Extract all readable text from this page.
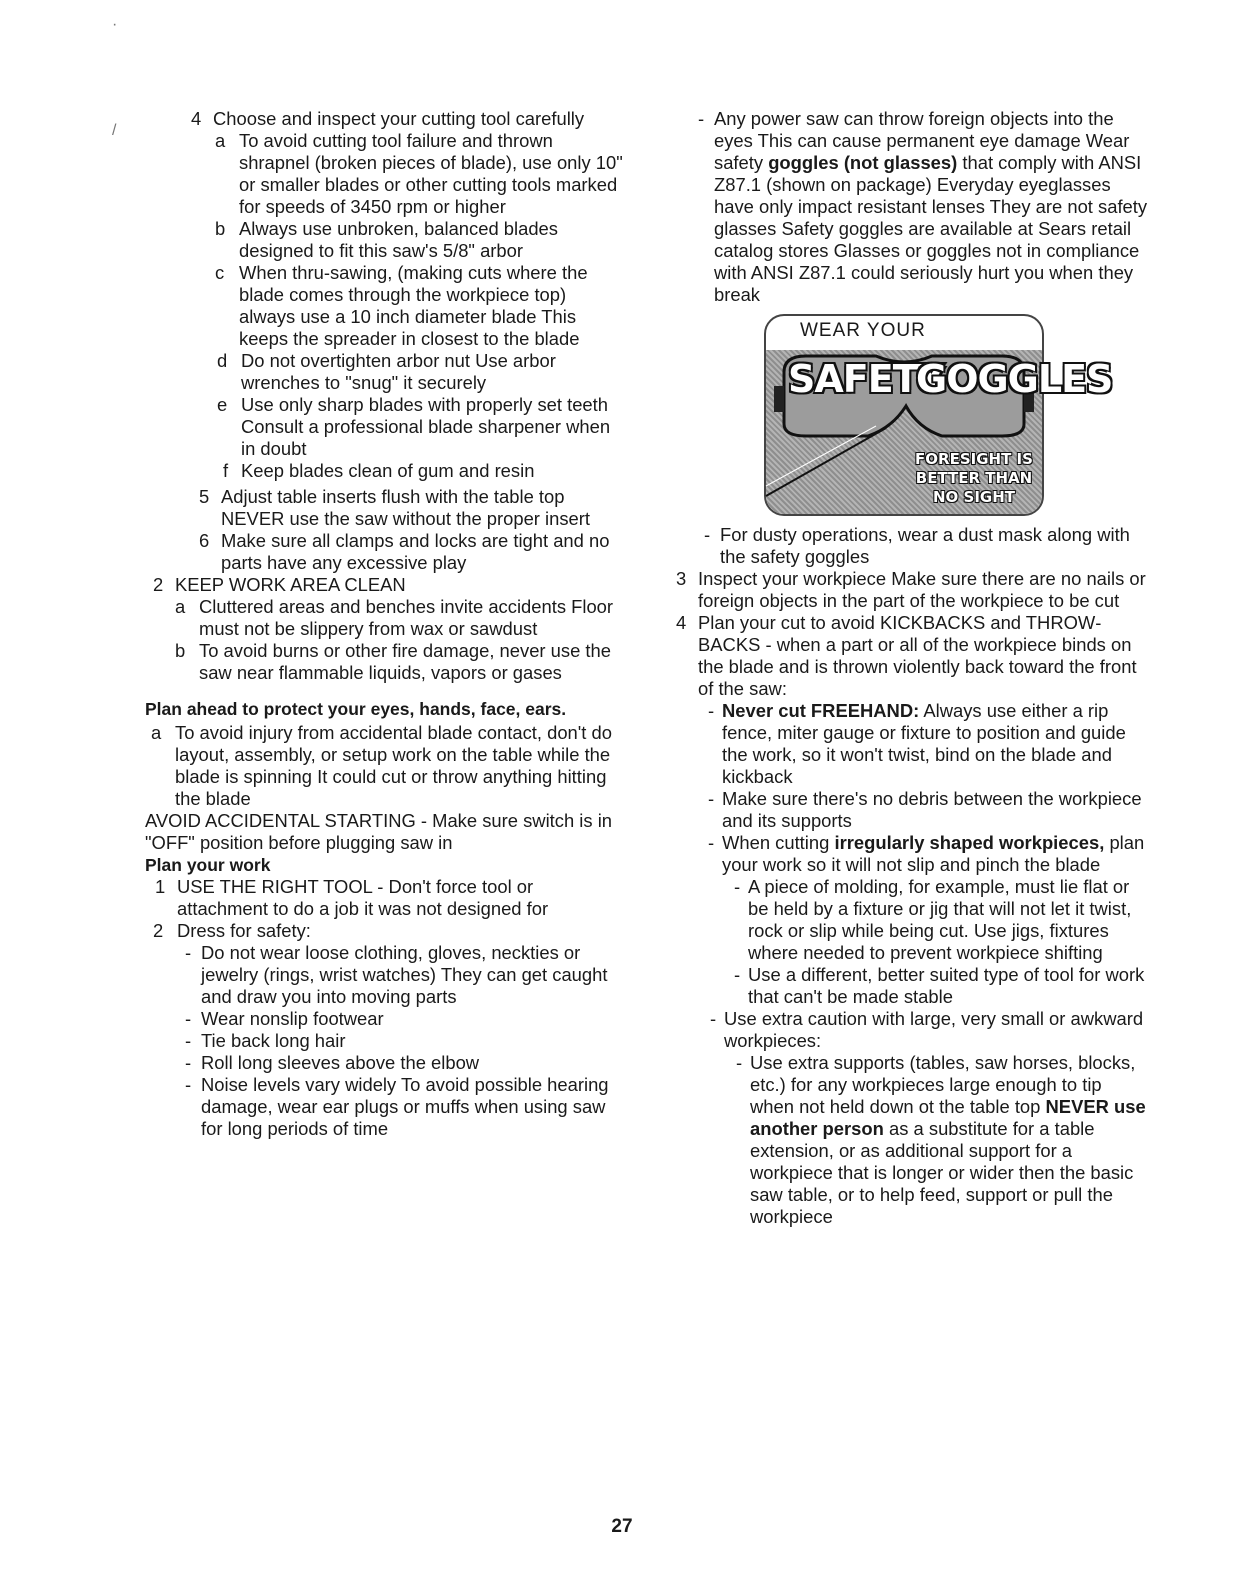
·
/
4 Choose and inspect your cutting tool carefully
a To avoid cutting tool failure and thrown shrapnel (broken pieces of blade), use only 10" or smaller blades or other cutting tools marked for speeds of 3450 rpm or higher
b Always use unbroken, balanced blades designed to fit this saw's 5/8" arbor
c When thru-sawing, (making cuts where the blade comes through the workpiece top) always use a 10 inch diameter blade This keeps the spreader in closest to the blade
d Do not overtighten arbor nut Use arbor wrenches to "snug" it securely
e Use only sharp blades with properly set teeth Consult a professional blade sharpener when in doubt
f Keep blades clean of gum and resin
5 Adjust table inserts flush with the table top NEVER use the saw without the proper insert
6 Make sure all clamps and locks are tight and no parts have any excessive play
2 KEEP WORK AREA CLEAN
a Cluttered areas and benches invite accidents Floor must not be slippery from wax or sawdust
b To avoid burns or other fire damage, never use the saw near flammable liquids, vapors or gases
Plan ahead to protect your eyes, hands, face, ears.
a To avoid injury from accidental blade contact, don't do layout, assembly, or setup work on the table while the blade is spinning It could cut or throw anything hitting the blade
AVOID ACCIDENTAL STARTING - Make sure switch is in "OFF" position before plugging saw in
Plan your work
1 USE THE RIGHT TOOL - Don't force tool or attachment to do a job it was not designed for
2 Dress for safety:
- Do not wear loose clothing, gloves, neckties or jewelry (rings, wrist watches) They can get caught and draw you into moving parts
- Wear nonslip footwear
- Tie back long hair
- Roll long sleeves above the elbow
- Noise levels vary widely To avoid possible hearing damage, wear ear plugs or muffs when using saw for long periods of time
- Any power saw can throw foreign objects into the eyes This can cause permanent eye damage Wear safety goggles (not glasses) that comply with ANSI Z87.1 (shown on package) Everyday eyeglasses have only impact resistant lenses They are not safety glasses Safety goggles are available at Sears retail catalog stores Glasses or goggles not in compliance with ANSI Z87.1 could seriously hurt you when they break
WEAR YOUR
SAFETY
GOGGLES
FORESIGHT IS BETTER THAN NO SIGHT
- For dusty operations, wear a dust mask along with the safety goggles
3 Inspect your workpiece Make sure there are no nails or foreign objects in the part of the workpiece to be cut
4 Plan your cut to avoid KICKBACKS and THROWBACKS - when a part or all of the workpiece binds on the blade and is thrown violently back toward the front of the saw:
- Never cut FREEHAND: Always use either a rip fence, miter gauge or fixture to position and guide the work, so it won't twist, bind on the blade and kickback
- Make sure there's no debris between the workpiece and its supports
- When cutting irregularly shaped workpieces, plan your work so it will not slip and pinch the blade
- A piece of molding, for example, must lie flat or be held by a fixture or jig that will not let it twist, rock or slip while being cut. Use jigs, fixtures where needed to prevent workpiece shifting
- Use a different, better suited type of tool for work that can't be made stable
- Use extra caution with large, very small or awkward workpieces:
- Use extra supports (tables, saw horses, blocks, etc.) for any workpieces large enough to tip when not held down ot the table top NEVER use another person as a substitute for a table extension, or as additional support for a workpiece that is longer or wider then the basic saw table, or to help feed, support or pull the workpiece
27
